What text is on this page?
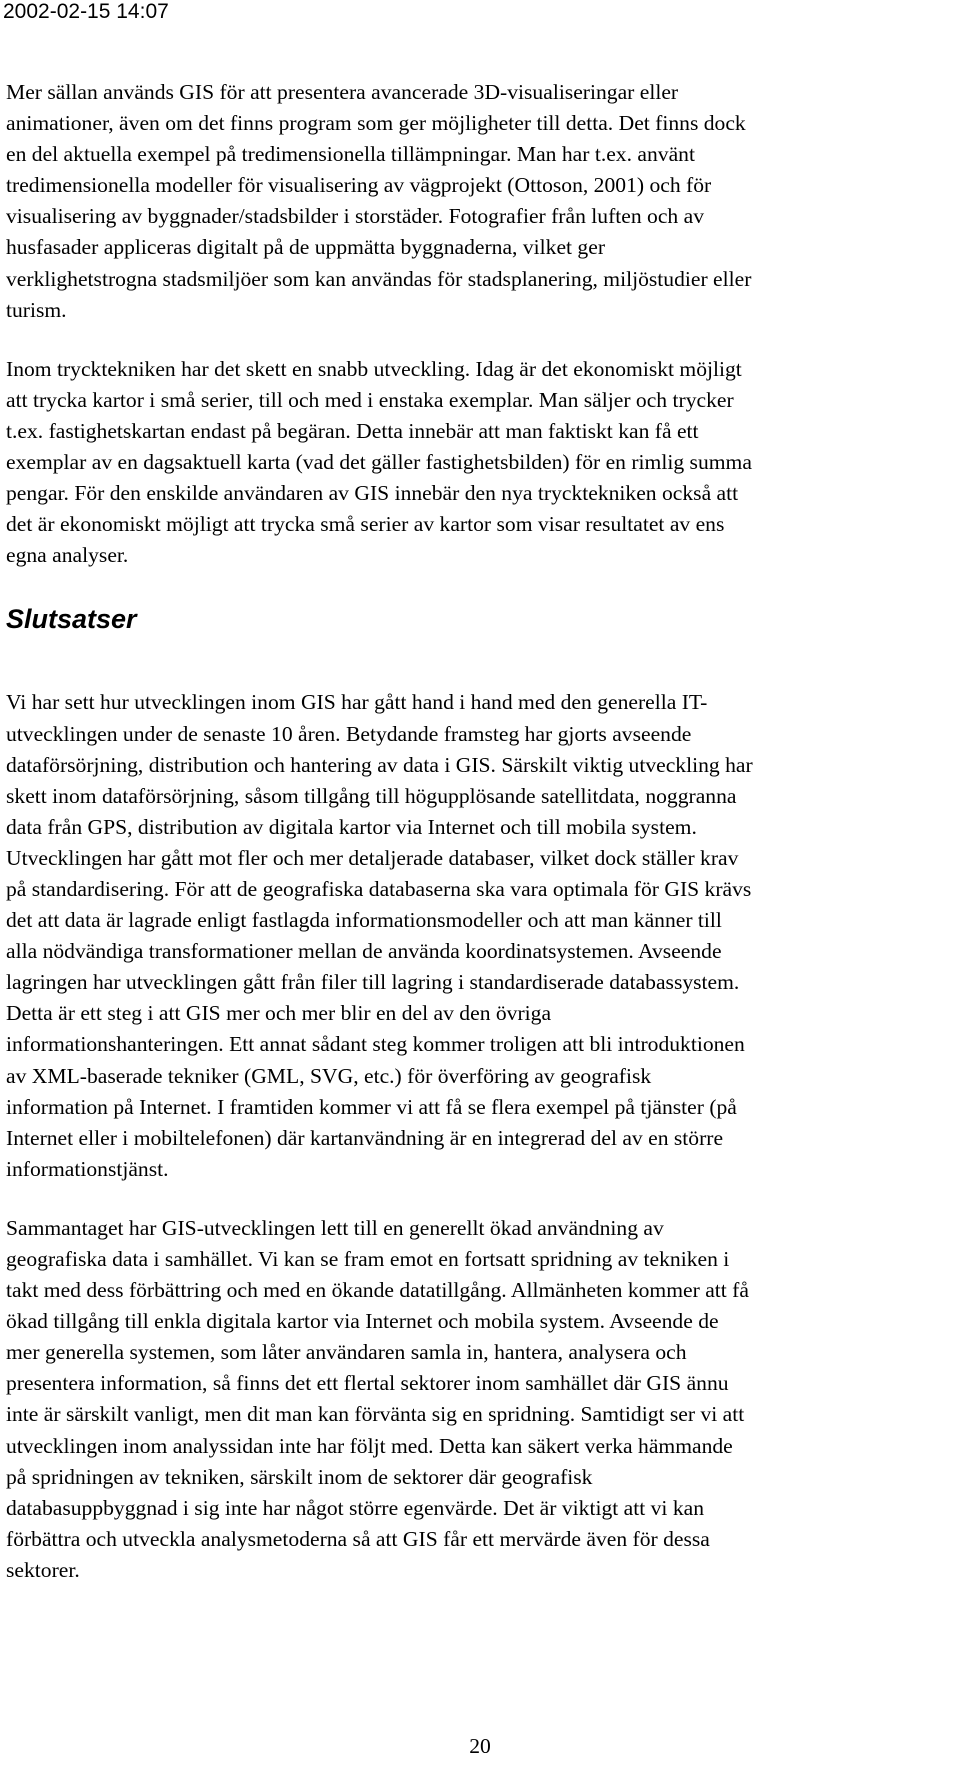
2002-02-15 14:07

Mer sällan används GIS för att presentera avancerade 3D-visualiseringar eller
animationer, även om det finns program som ger möjligheter till detta. Det finns dock
en del aktuella exempel på tredimensionella tillämpningar. Man har t.ex. använt
tredimensionella modeller för visualisering av vägprojekt (Ottoson, 2001) och för
visualisering av byggnader/stadsbilder i storstäder. Fotografier från luften och av
husfasader appliceras digitalt på de uppmätta byggnaderna, vilket ger
verklighetstrogna stadsmiljöer som kan användas för stadsplanering, miljöstudier eller
turism.

Inom trycktekniken har det skett en snabb utveckling. Idag är det ekonomiskt möjligt
att trycka kartor i små serier, till och med i enstaka exemplar. Man säljer och trycker
t.ex. fastighetskartan endast på begäran. Detta innebär att man faktiskt kan få ett
exemplar av en dagsaktuell karta (vad det gäller fastighetsbilden) för en rimlig summa
pengar. För den enskilde användaren av GIS innebär den nya trycktekniken också att
det är ekonomiskt möjligt att trycka små serier av kartor som visar resultatet av ens
egna analyser.

Slutsatser

Vi har sett hur utvecklingen inom GIS har gått hand i hand med den generella IT-
utvecklingen under de senaste 10 åren. Betydande framsteg har gjorts avseende
dataförsörjning, distribution och hantering av data i GIS. Särskilt viktig utveckling har
skett inom dataförsörjning, såsom tillgång till högupplösande satellitdata, noggranna
data från GPS, distribution av digitala kartor via Internet och till mobila system.
Utvecklingen har gått mot fler och mer detaljerade databaser, vilket dock ställer krav
på standardisering. För att de geografiska databaserna ska vara optimala för GIS krävs
det att data är lagrade enligt fastlagda informationsmodeller och att man känner till
alla nödvändiga transformationer mellan de använda koordinatsystemen. Avseende
lagringen har utvecklingen gått från filer till lagring i standardiserade databassystem.
Detta är ett steg i att GIS mer och mer blir en del av den övriga
informationshanteringen. Ett annat sådant steg kommer troligen att bli introduktionen
av XML-baserade tekniker (GML, SVG, etc.) för överföring av geografisk
information på Internet. I framtiden kommer vi att få se flera exempel på tjänster (på
Internet eller i mobiltelefonen) där kartanvändning är en integrerad del av en större
informationstjänst.

Sammantaget har GIS-utvecklingen lett till en generellt ökad användning av
geografiska data i samhället. Vi kan se fram emot en fortsatt spridning av tekniken i
takt med dess förbättring och med en ökande datatillgång. Allmänheten kommer att få
ökad tillgång till enkla digitala kartor via Internet och mobila system. Avseende de
mer generella systemen, som låter användaren samla in, hantera, analysera och
presentera information, så finns det ett flertal sektorer inom samhället där GIS ännu
inte är särskilt vanligt, men dit man kan förvänta sig en spridning. Samtidigt ser vi att
utvecklingen inom analyssidan inte har följt med. Detta kan säkert verka hämmande
på spridningen av tekniken, särskilt inom de sektorer där geografisk
databasuppbyggnad i sig inte har något större egenvärde. Det är viktigt att vi kan
förbättra och utveckla analysmetoderna så att GIS får ett mervärde även för dessa
sektorer.

20
